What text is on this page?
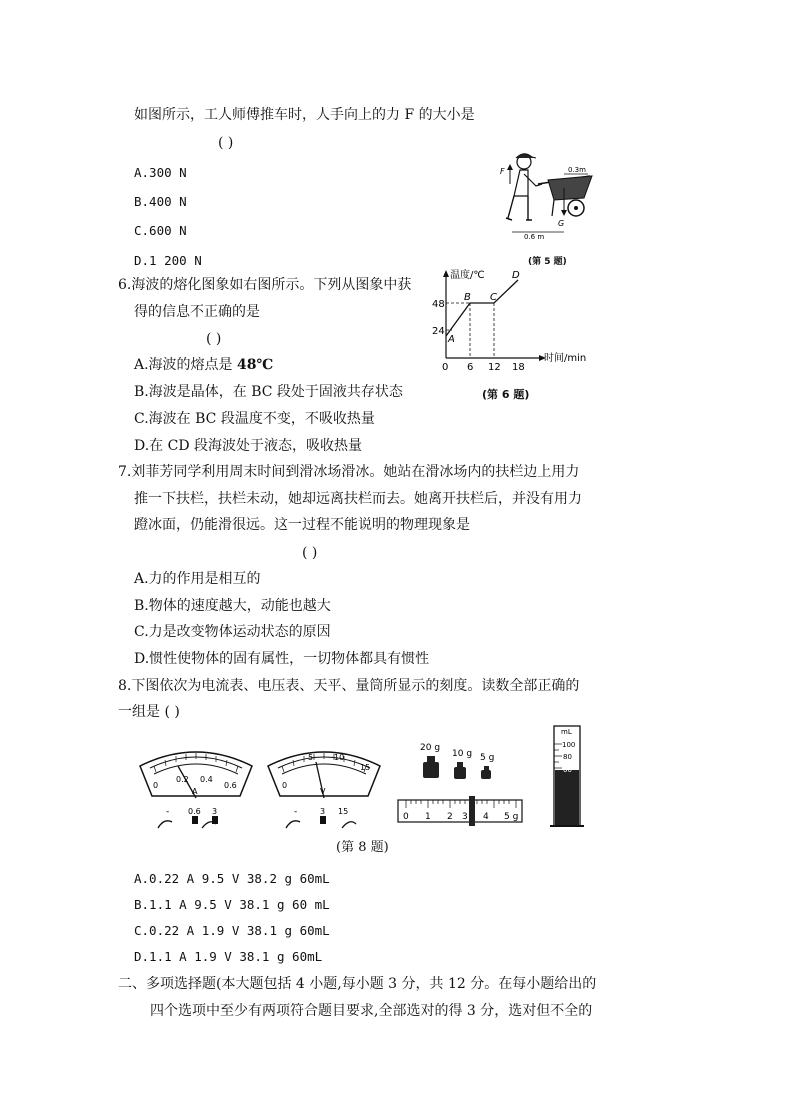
如图所示，工人师傅推车时，人手向上的力 F 的大小是
( )
A.300 N
B.400 N
C.600 N
D.1 200 N
G
F	0.3m
0.6 m
(第 5 题)
6.海波的熔化图象如右图所示。下列从图象中获
得的信息不正确的是
( )
A.海波的熔点是 48℃
B.海波是晶体，在 BC 段处于固液共存状态
C.海波在 BC 段温度不变，不吸收热量
D.在 CD 段海波处于液态，吸收热量
温度/℃
时间/min
48
24
0 6 12 18
A
B C
D
(第 6 题)
7.刘菲芳同学利用周末时间到滑冰场滑冰。她站在滑冰场内的扶栏边上用力
推一下扶栏，扶栏未动，她却远离扶栏而去。她离开扶栏后，并没有用力
蹬冰面，仍能滑很远。这一过程不能说明的物理现象是
( )
A.力的作用是相互的
B.物体的速度越大，动能也越大
C.力是改变物体运动状态的原因
D.惯性使物体的固有属性，一切物体都具有惯性
8.下图依次为电流表、电压表、天平、量筒所显示的刻度。读数全部正确的
一组是 ( )
0
0.2 0.4
0.6
A
- 0.6 3
0
5	10
15
V
-	3 15
20 g
10 g 5 g
0 1 2 3 4 5 g
mL
100
80
60
(第 8 题)
A.0.22 A 9.5 V 38.2 g 60mL
B.1.1 A 9.5 V 38.1 g 60 mL
C.0.22 A 1.9 V 38.1 g 60mL
D.1.1 A 1.9 V 38.1 g 60mL
二、多项选择题(本大题包括 4 小题,每小题 3 分，共 12 分。在每小题给出的
四个选项中至少有两项符合题目要求,全部选对的得 3 分，选对但不全的
